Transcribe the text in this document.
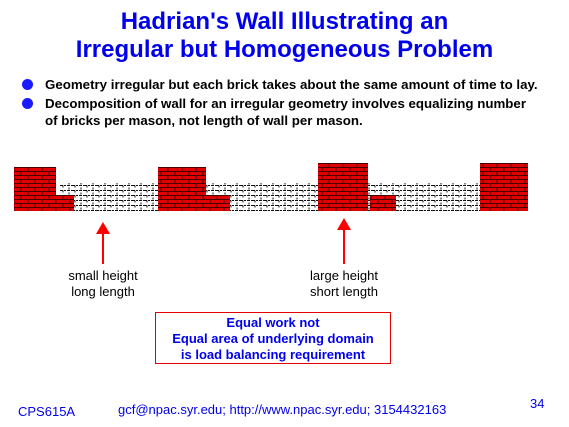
Hadrian's Wall Illustrating an
Irregular but Homogeneous Problem
Geometry irregular but each brick takes about the same amount of time to lay.
Decomposition of wall for an irregular geometry involves equalizing number of bricks per mason, not length of wall per mason.
small height
long length
large height
short length
Equal work not
Equal area of underlying domain
is load balancing requirement
CPS615A	gcf@npac.syr.edu; http://www.npac.syr.edu; 3154432163	34
